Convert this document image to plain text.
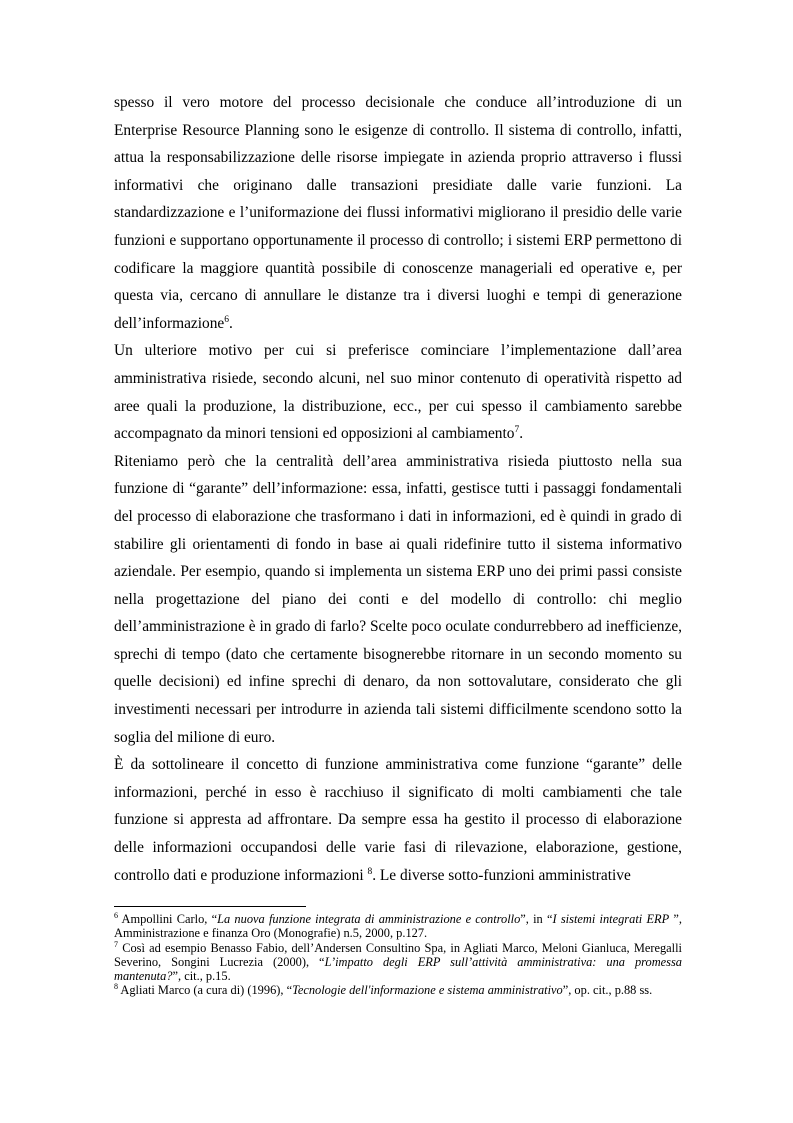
spesso il vero motore del processo decisionale che conduce all’introduzione di un Enterprise Resource Planning sono le esigenze di controllo. Il sistema di controllo, infatti, attua la responsabilizzazione delle risorse impiegate in azienda proprio attraverso i flussi informativi che originano dalle transazioni presidiate dalle varie funzioni. La standardizzazione e l’uniformazione dei flussi informativi migliorano il presidio delle varie funzioni e supportano opportunamente il processo di controllo; i sistemi ERP permettono di codificare la maggiore quantità possibile di conoscenze manageriali ed operative e, per questa via, cercano di annullare le distanze tra i diversi luoghi e tempi di generazione dell’informazione$^6$.

Un ulteriore motivo per cui si preferisce cominciare l’implementazione dall’area amministrativa risiede, secondo alcuni, nel suo minor contenuto di operatività rispetto ad aree quali la produzione, la distribuzione, ecc., per cui spesso il cambiamento sarebbe accompagnato da minori tensioni ed opposizioni al cambiamento$^7$.

Riteniamo però che la centralità dell’area amministrativa risieda piuttosto nella sua funzione di “garante” dell’informazione: essa, infatti, gestisce tutti i passaggi fondamentali del processo di elaborazione che trasformano i dati in informazioni, ed è quindi in grado di stabilire gli orientamenti di fondo in base ai quali ridefinire tutto il sistema informativo aziendale. Per esempio, quando si implementa un sistema ERP uno dei primi passi consiste nella progettazione del piano dei conti e del modello di controllo: chi meglio dell’amministrazione è in grado di farlo? Scelte poco oculate condurrebbero ad inefficienze, sprechi di tempo (dato che certamente bisognerebbe ritornare in un secondo momento su quelle decisioni) ed infine sprechi di denaro, da non sottovalutare, considerato che gli investimenti necessari per introdurre in azienda tali sistemi difficilmente scendono sotto la soglia del milione di euro.

È da sottolineare il concetto di funzione amministrativa come funzione “garante” delle informazioni, perché in esso è racchiuso il significato di molti cambiamenti che tale funzione si appresta ad affrontare. Da sempre essa ha gestito il processo di elaborazione delle informazioni occupandosi delle varie fasi di rilevazione, elaborazione, gestione, controllo dati e produzione informazioni $^8$. Le diverse sotto-funzioni amministrative

$^6$ Ampollini Carlo, “La nuova funzione integrata di amministrazione e controllo”, in “I sistemi integrati ERP ”, Amministrazione e finanza Oro (Monografie) n.5, 2000, p.127.

$^7$ Così ad esempio Benasso Fabio, dell’Andersen Consultino Spa, in Agliati Marco, Meloni Gianluca, Meregalli Severino, Songini Lucrezia (2000), “L’impatto degli ERP sull’attività amministrativa: una promessa mantenuta?”, cit., p.15.

$^8$ Agliati Marco (a cura di) (1996), “Tecnologie dell'informazione e sistema amministrativo”, op. cit., p.88 ss.
